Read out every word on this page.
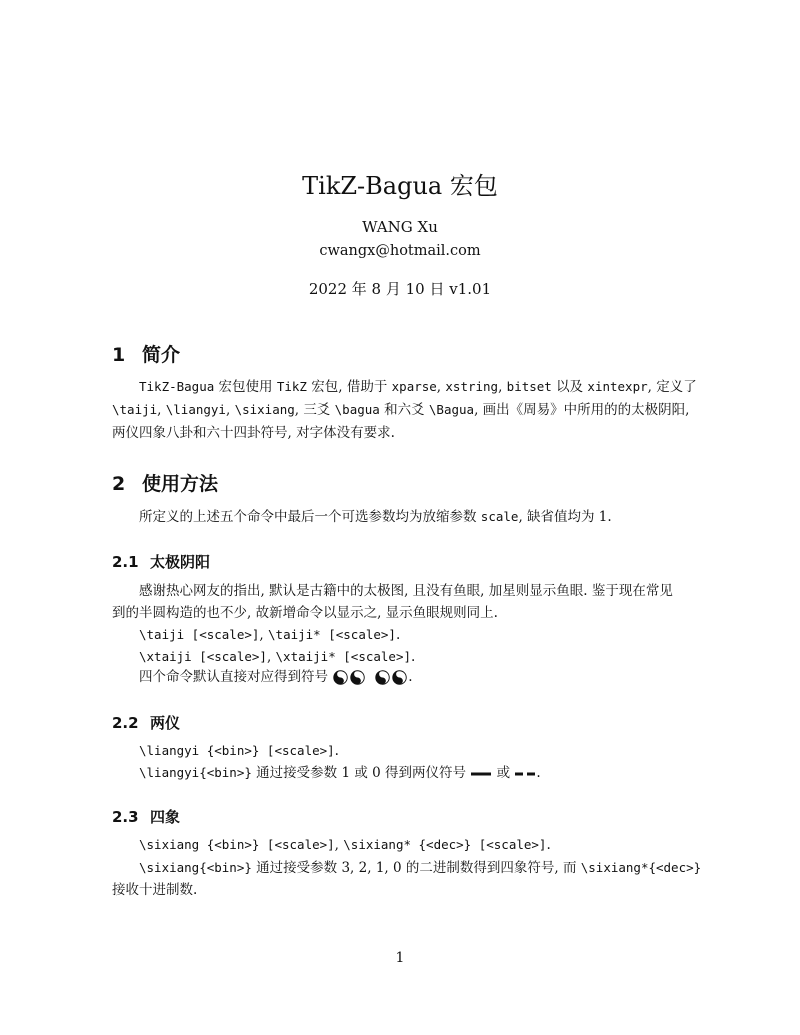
TikZ-Bagua 宏包
WANG Xu
cwangx@hotmail.com
2022 年 8 月 10 日 v1.01
1 简介
TikZ-Bagua 宏包使用 TikZ 宏包, 借助于 xparse, xstring, bitset 以及 xintexpr, 定义了
\taiji, \liangyi, \sixiang, 三爻 \bagua 和六爻 \Bagua, 画出《周易》中所用的的太极阴阳,
两仪四象八卦和六十四卦符号, 对字体没有要求.
2 使用方法
所定义的上述五个命令中最后一个可选参数均为放缩参数 scale, 缺省值均为 1.
2.1 太极阴阳
感谢热心网友的指出, 默认是古籍中的太极图, 且没有鱼眼, 加星则显示鱼眼. 鉴于现在常见
到的半圆构造的也不少, 故新增命令以显示之, 显示鱼眼规则同上.
\taiji [<scale>], \taiji* [<scale>].
\xtaiji [<scale>], \xtaiji* [<scale>].
四个命令默认直接对应得到符号	.
2.2 两仪
\liangyi {<bin>} [<scale>].
\liangyi{<bin>} 通过接受参数 1 或 0 得到两仪符号  或 .
2.3 四象
\sixiang {<bin>} [<scale>], \sixiang* {<dec>} [<scale>].
\sixiang{<bin>} 通过接受参数 3, 2, 1, 0 的二进制数得到四象符号, 而 \sixiang*{<dec>}
接收十进制数.
1
